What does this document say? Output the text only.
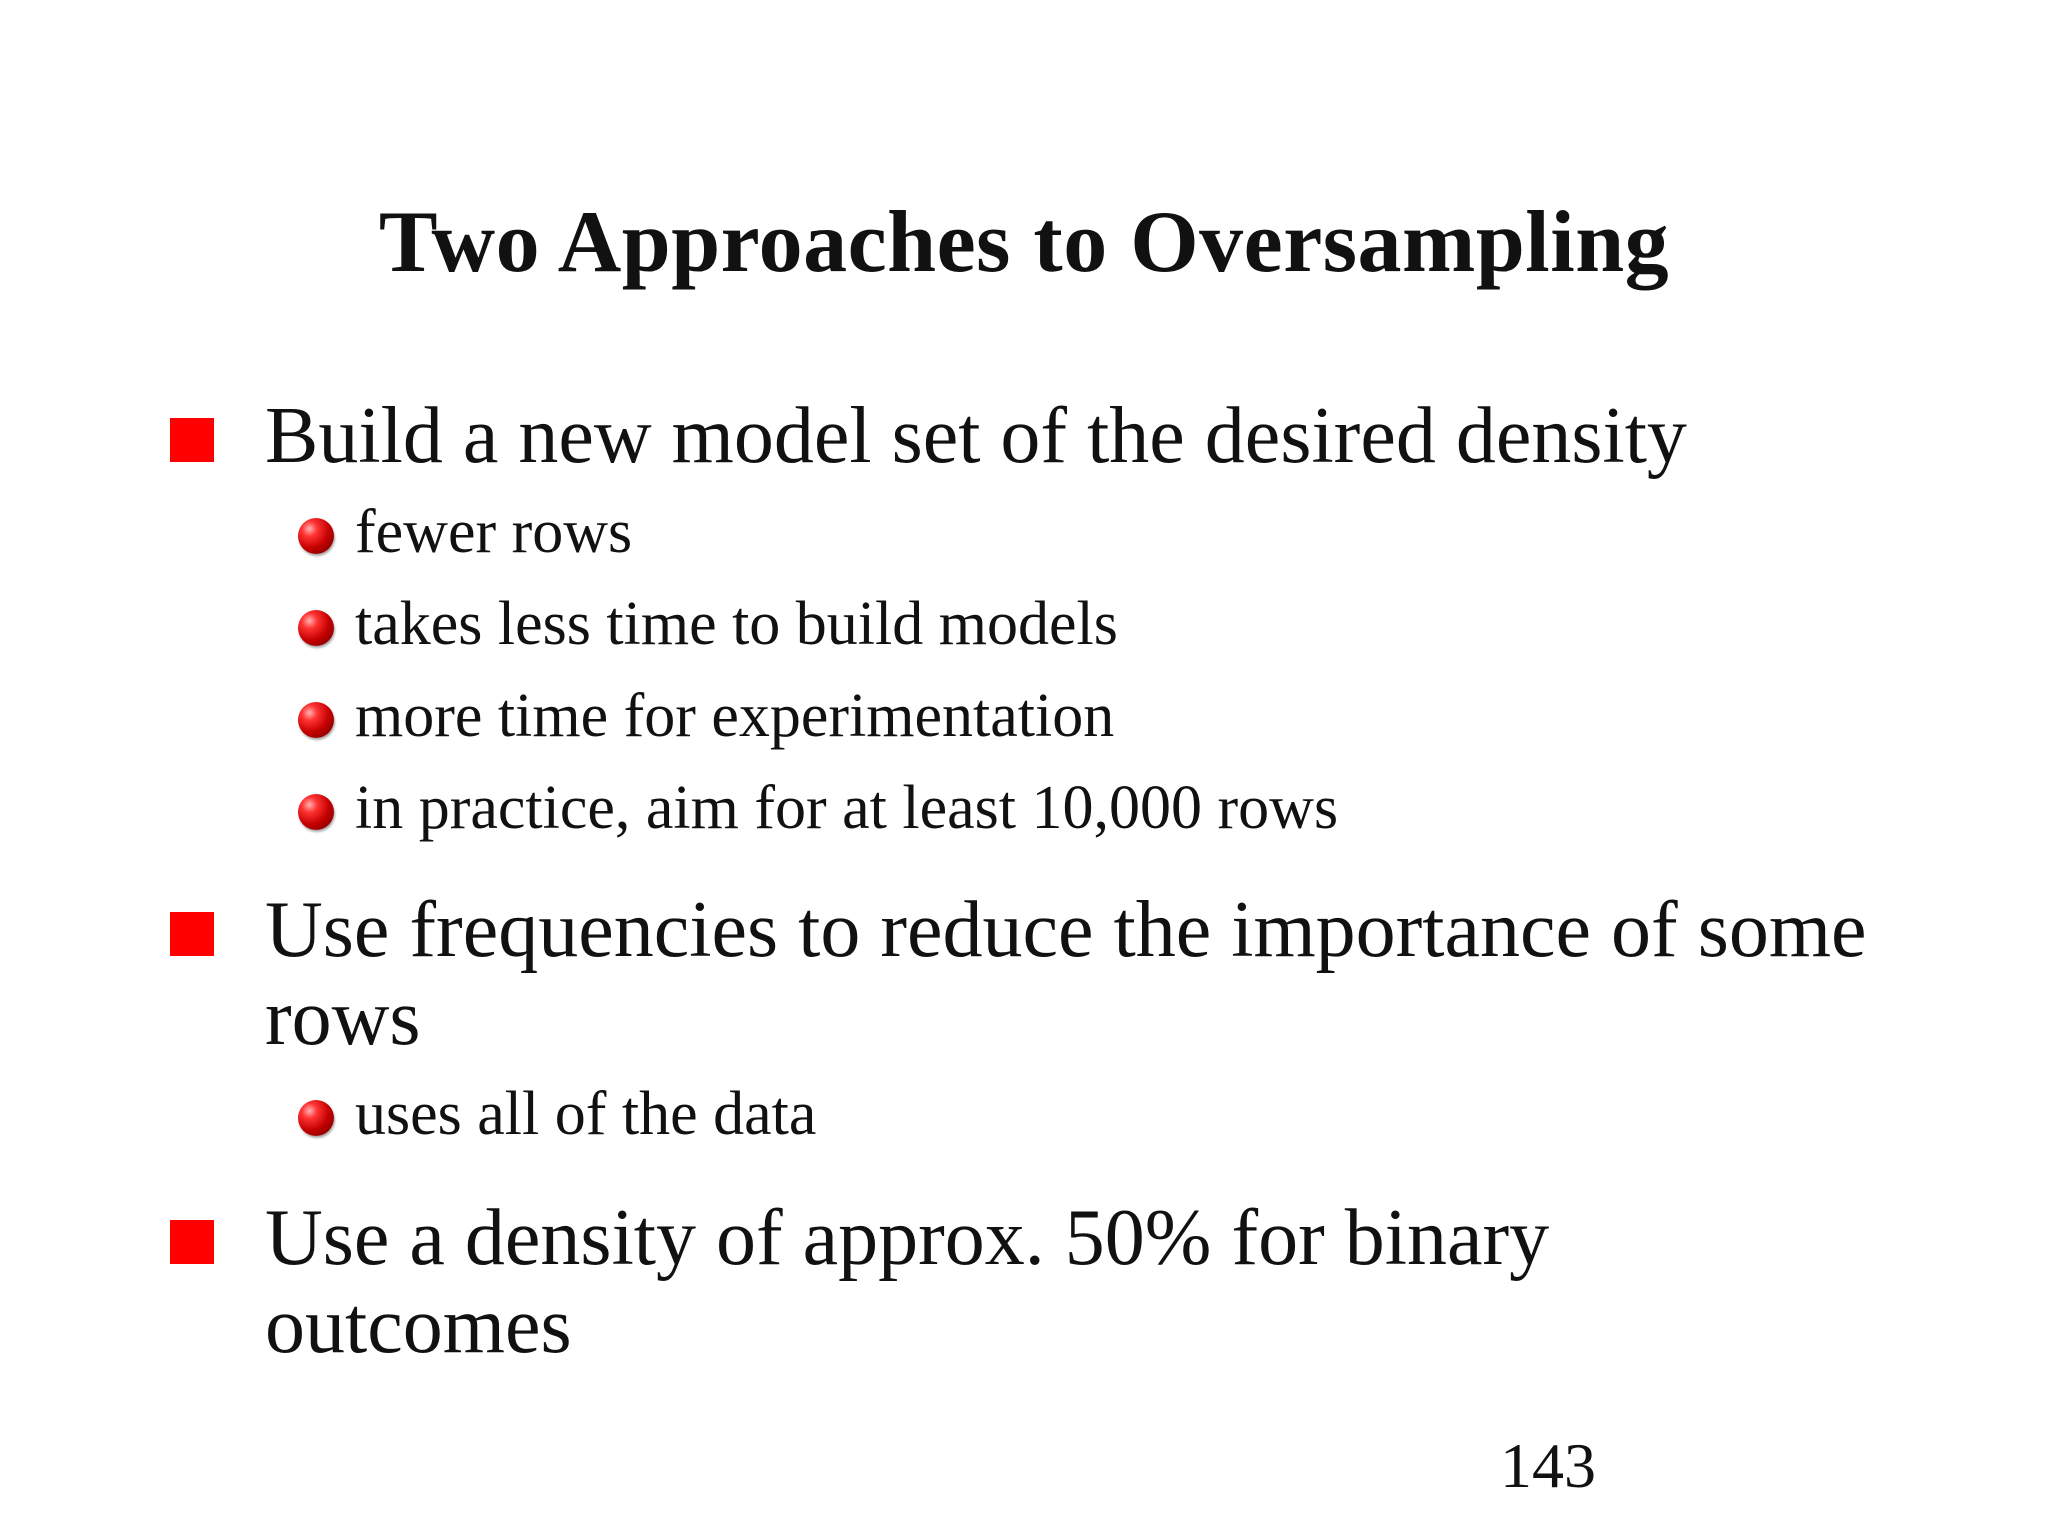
Two Approaches to Oversampling
Build a new model set of the desired density
fewer rows
takes less time to build models
more time for experimentation
in practice, aim for at least 10,000 rows
Use frequencies to reduce the importance of some rows
uses all of the data
Use a density of approx. 50% for binary outcomes
143
